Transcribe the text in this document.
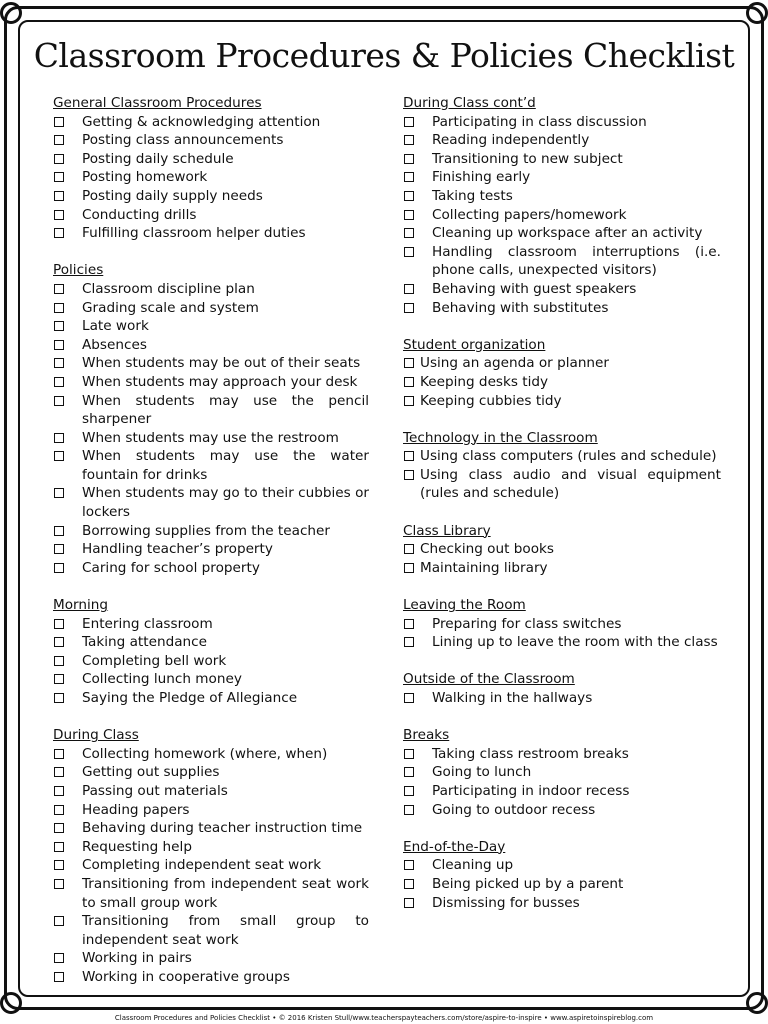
Classroom Procedures & Policies Checklist
General Classroom Procedures
Getting & acknowledging attention
Posting class announcements
Posting daily schedule
Posting homework
Posting daily supply needs
Conducting drills
Fulfilling classroom helper duties
Policies
Classroom discipline plan
Grading scale and system
Late work
Absences
When students may be out of their seats
When students may approach your desk
When students may use the pencil sharpener
When students may use the restroom
When students may use the water fountain for drinks
When students may go to their cubbies or lockers
Borrowing supplies from the teacher
Handling teacher’s property
Caring for school property
Morning
Entering classroom
Taking attendance
Completing bell work
Collecting lunch money
Saying the Pledge of Allegiance
During Class
Collecting homework (where, when)
Getting out supplies
Passing out materials
Heading papers
Behaving during teacher instruction time
Requesting help
Completing independent seat work
Transitioning from independent seat work to small group work
Transitioning from small group to independent seat work
Working in pairs
Working in cooperative groups
During Class cont’d
Participating in class discussion
Reading independently
Transitioning to new subject
Finishing early
Taking tests
Collecting papers/homework
Cleaning up workspace after an activity
Handling classroom interruptions (i.e. phone calls, unexpected visitors)
Behaving with guest speakers
Behaving with substitutes
Student organization
Using an agenda or planner
Keeping desks tidy
Keeping cubbies tidy
Technology in the Classroom
Using class computers (rules and schedule)
Using class audio and visual equipment (rules and schedule)
Class Library
Checking out books
Maintaining library
Leaving the Room
Preparing for class switches
Lining up to leave the room with the class
Outside of the Classroom
Walking in the hallways
Breaks
Taking class restroom breaks
Going to lunch
Participating in indoor recess
Going to outdoor recess
End-of-the-Day
Cleaning up
Being picked up by a parent
Dismissing for busses
Classroom Procedures and Policies Checklist • © 2016 Kristen Stull/www.teacherspayteachers.com/store/aspire-to-inspire • www.aspiretoinspireblog.com
